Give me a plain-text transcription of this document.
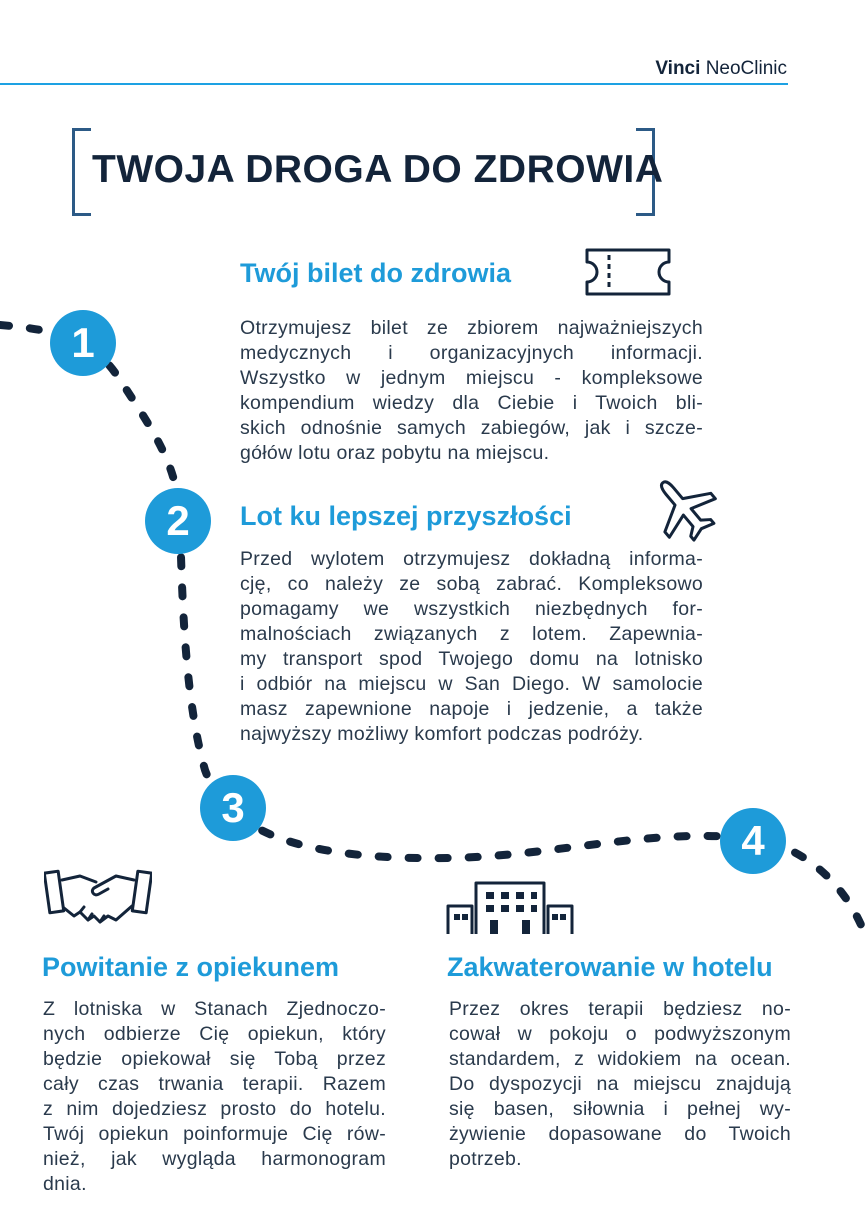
Vinci NeoClinic
TWOJA DROGA DO ZDROWIA
1
2
3
4
Twój bilet do zdrowia
Otrzymujesz bilet ze zbiorem najważniejszych
medycznych i organizacyjnych informacji.
Wszystko w jednym miejscu - kompleksowe
kompendium wiedzy dla Ciebie i Twoich bli-
skich odnośnie samych zabiegów, jak i szcze-
gółów lotu oraz pobytu na miejscu.
Lot ku lepszej przyszłości
Przed wylotem otrzymujesz dokładną informa-
cję, co należy ze sobą zabrać. Kompleksowo
pomagamy we wszystkich niezbędnych for-
malnościach związanych z lotem. Zapewnia-
my transport spod Twojego domu na lotnisko
i odbiór na miejscu w San Diego. W samolocie
masz zapewnione napoje i jedzenie, a także
najwyższy możliwy komfort podczas podróży.
Powitanie z opiekunem
Z lotniska w Stanach Zjednoczo-
nych odbierze Cię opiekun, który
będzie opiekował się Tobą przez
cały czas trwania terapii. Razem
z nim dojedziesz prosto do hotelu.
Twój opiekun poinformuje Cię rów-
nież, jak wygląda harmonogram
dnia.
Zakwaterowanie w hotelu
Przez okres terapii będziesz no-
cował w pokoju o podwyższonym
standardem, z widokiem na ocean.
Do dyspozycji na miejscu znajdują
się basen, siłownia i pełnej wy-
żywienie dopasowane do Twoich
potrzeb.
